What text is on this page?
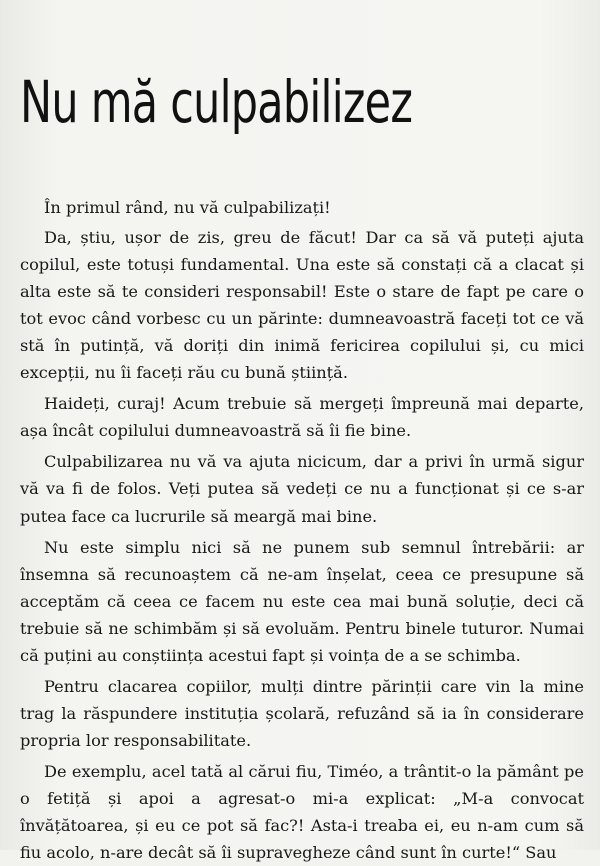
Nu mă culpabilizez

În primul rând, nu vă culpabilizați!

Da, știu, ușor de zis, greu de făcut! Dar ca să vă puteți ajuta copilul, este totuși fundamental. Una este să constați că a clacat și alta este să te consideri responsabil! Este o stare de fapt pe care o tot evoc când vorbesc cu un părinte: dumneavoastră faceți tot ce vă stă în putință, vă doriți din inimă fericirea copilului și, cu mici excepții, nu îi faceți rău cu bună știință.

Haideți, curaj! Acum trebuie să mergeți împreună mai departe, așa încât copilului dumneavoastră să îi fie bine.

Culpabilizarea nu vă va ajuta nicicum, dar a privi în urmă sigur vă va fi de folos. Veți putea să vedeți ce nu a funcționat și ce s-ar putea face ca lucrurile să meargă mai bine.

Nu este simplu nici să ne punem sub semnul întrebării: ar însemna să recunoaștem că ne-am înșelat, ceea ce presupune să acceptăm că ceea ce facem nu este cea mai bună soluție, deci că trebuie să ne schimbăm și să evoluăm. Pentru binele tuturor. Numai că puțini au conștiința acestui fapt și voința de a se schimba.

Pentru clacarea copiilor, mulți dintre părinții care vin la mine trag la răspundere instituția școlară, refuzând să ia în considerare propria lor responsabilitate.

De exemplu, acel tată al cărui fiu, Timéo, a trântit-o la pământ pe o fetiță și apoi a agresat-o mi-a explicat: „M-a convocat învățătoarea, și eu ce pot să fac?! Asta-i treaba ei, eu n-am cum să fiu acolo, n-are decât să îi supravegheze când sunt în curte!“ Sau
